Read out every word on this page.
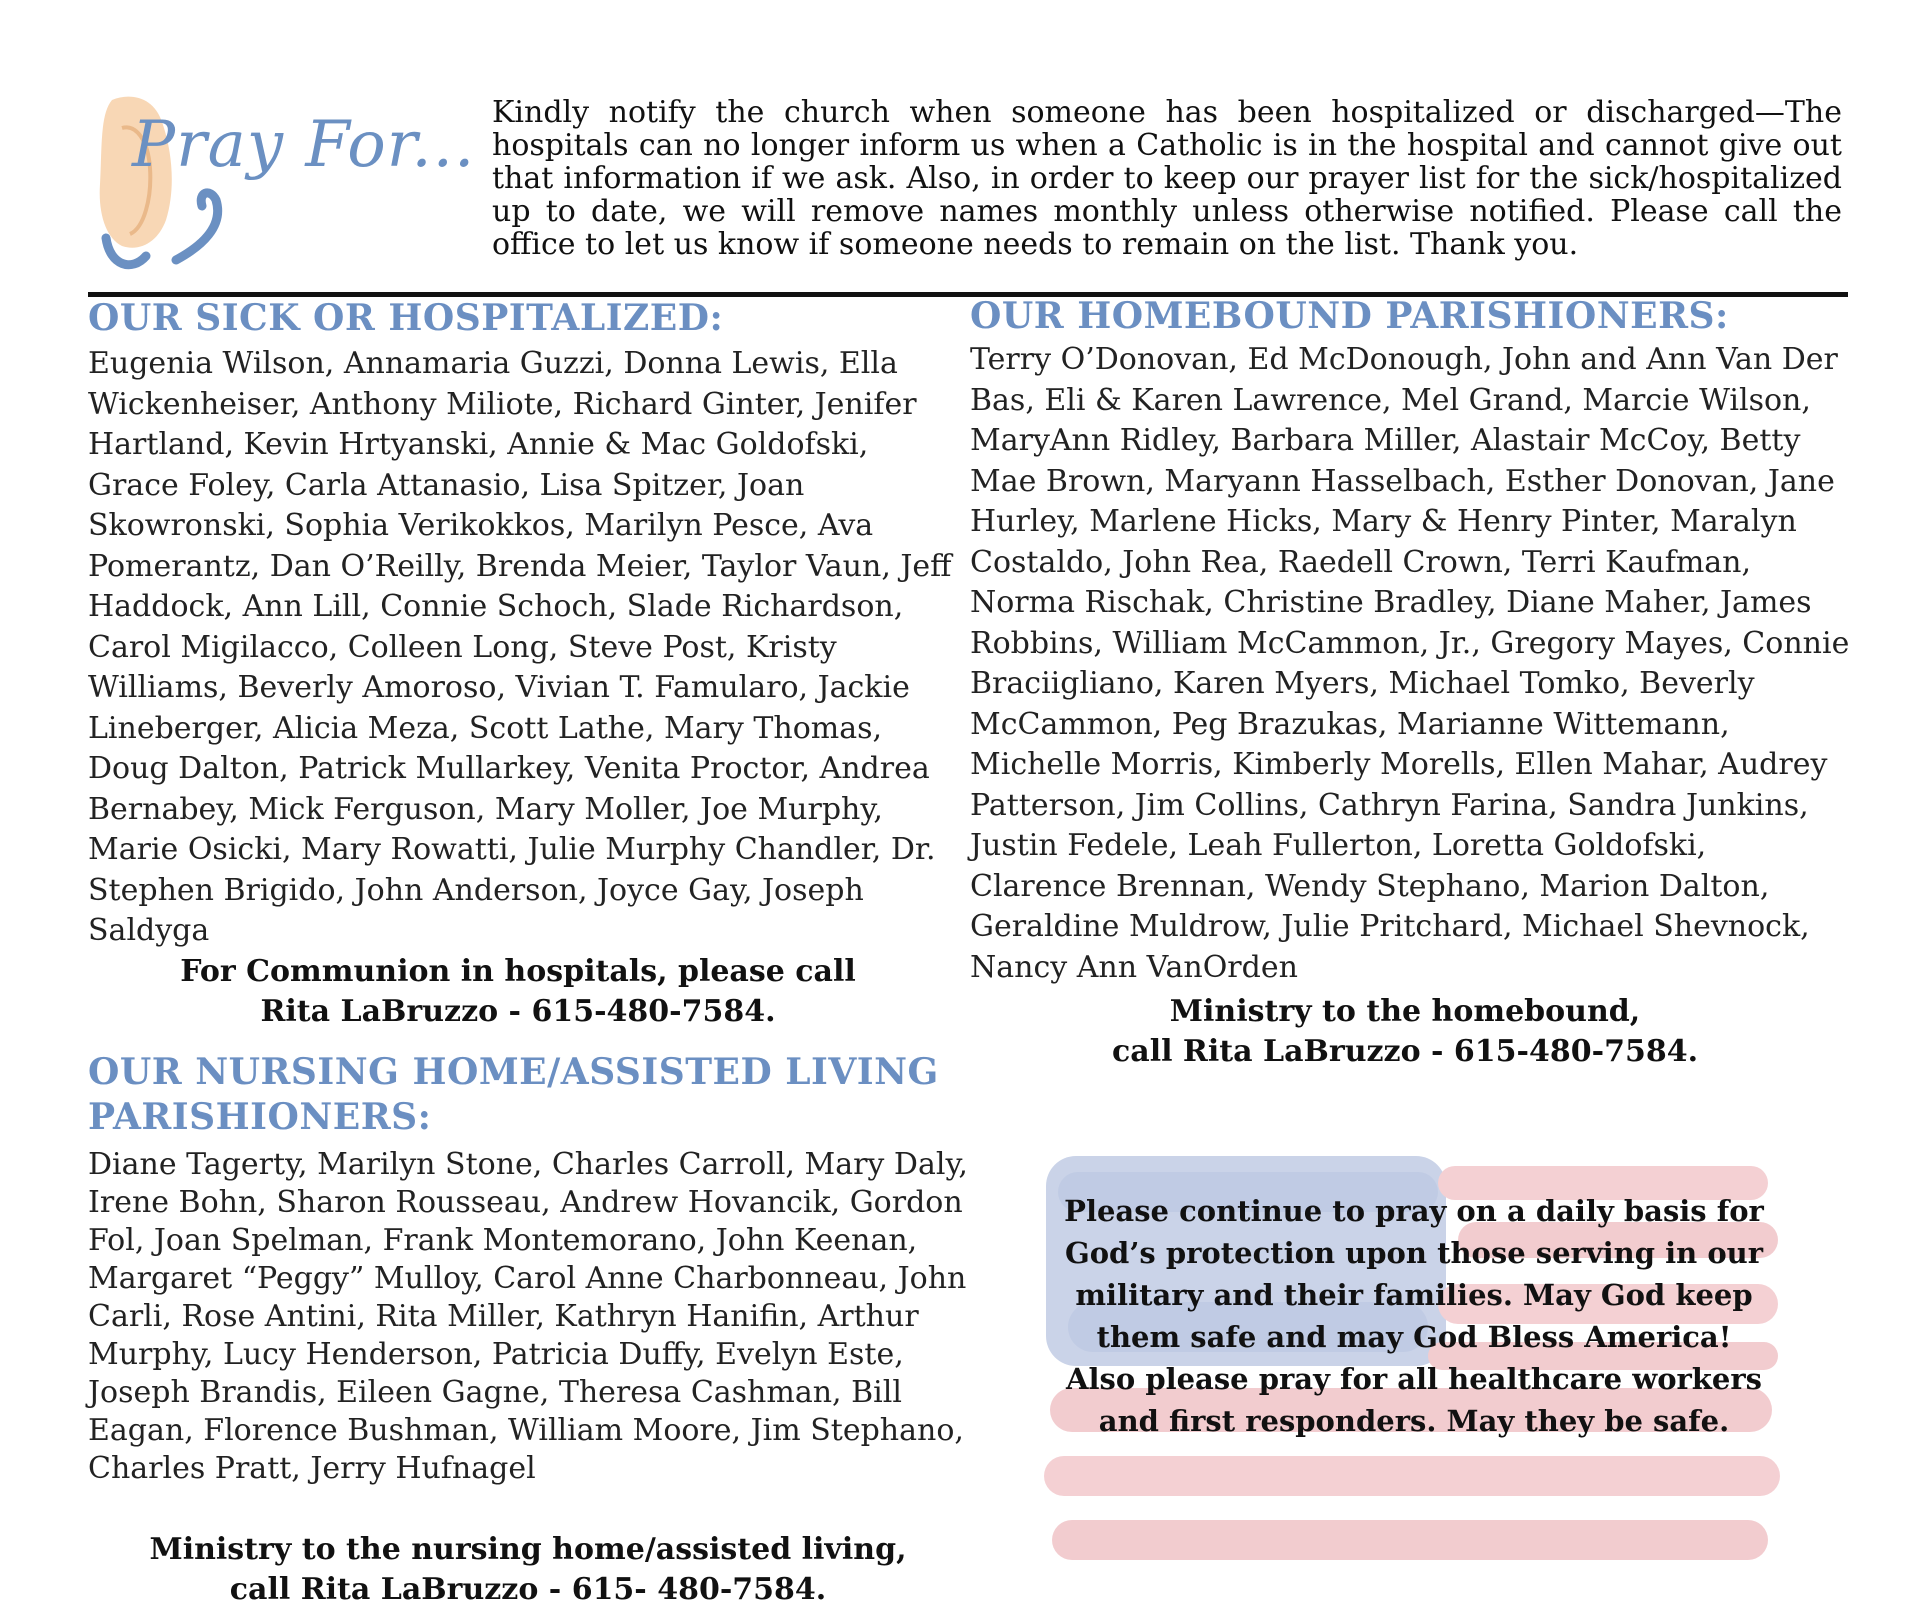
Pray For... Kindly notify the church when someone has been hospitalized or discharged—The hospitals can no longer inform us when a Catholic is in the hospital and cannot give out that information if we ask. Also, in order to keep our prayer list for the sick/hospitalized up to date, we will remove names monthly unless otherwise notified. Please call the office to let us know if someone needs to remain on the list. Thank you.
OUR SICK OR HOSPITALIZED:
Eugenia Wilson, Annamaria Guzzi, Donna Lewis, Ella Wickenheiser, Anthony Miliote, Richard Ginter, Jenifer Hartland, Kevin Hrtyanski, Annie & Mac Goldofski, Grace Foley, Carla Attanasio, Lisa Spitzer, Joan Skowronski, Sophia Verikokkos, Marilyn Pesce, Ava Pomerantz, Dan O’Reilly, Brenda Meier, Taylor Vaun, Jeff Haddock, Ann Lill, Connie Schoch, Slade Richardson, Carol Migilacco, Colleen Long, Steve Post, Kristy Williams, Beverly Amoroso, Vivian T. Famularo, Jackie Lineberger, Alicia Meza, Scott Lathe, Mary Thomas, Doug Dalton, Patrick Mullarkey, Venita Proctor, Andrea Bernabey, Mick Ferguson, Mary Moller, Joe Murphy, Marie Osicki, Mary Rowatti, Julie Murphy Chandler, Dr. Stephen Brigido, John Anderson, Joyce Gay, Joseph Saldyga
For Communion in hospitals, please call
Rita LaBruzzo - 615-480-7584.
OUR HOMEBOUND PARISHIONERS:
Terry O’Donovan, Ed McDonough, John and Ann Van Der Bas, Eli & Karen Lawrence, Mel Grand, Marcie Wilson, MaryAnn Ridley, Barbara Miller, Alastair McCoy, Betty Mae Brown, Maryann Hasselbach, Esther Donovan, Jane Hurley, Marlene Hicks, Mary & Henry Pinter, Maralyn Costaldo, John Rea, Raedell Crown, Terri Kaufman, Norma Rischak, Christine Bradley, Diane Maher, James Robbins, William McCammon, Jr., Gregory Mayes, Connie Braciigliano, Karen Myers, Michael Tomko, Beverly McCammon, Peg Brazukas, Marianne Wittemann, Michelle Morris, Kimberly Morells, Ellen Mahar, Audrey Patterson, Jim Collins, Cathryn Farina, Sandra Junkins, Justin Fedele, Leah Fullerton, Loretta Goldofski, Clarence Brennan, Wendy Stephano, Marion Dalton, Geraldine Muldrow, Julie Pritchard, Michael Shevnock, Nancy Ann VanOrden
Ministry to the homebound,
call Rita LaBruzzo - 615-480-7584.
OUR NURSING HOME/ASSISTED LIVING PARISHIONERS:
Diane Tagerty, Marilyn Stone, Charles Carroll, Mary Daly, Irene Bohn, Sharon Rousseau, Andrew Hovancik, Gordon Fol, Joan Spelman, Frank Montemorano, John Keenan, Margaret “Peggy” Mulloy, Carol Anne Charbonneau, John Carli, Rose Antini, Rita Miller, Kathryn Hanifin, Arthur Murphy, Lucy Henderson, Patricia Duffy, Evelyn Este, Joseph Brandis, Eileen Gagne, Theresa Cashman, Bill Eagan, Florence Bushman, William Moore, Jim Stephano, Charles Pratt, Jerry Hufnagel
Ministry to the nursing home/assisted living,
call Rita LaBruzzo - 615- 480-7584.
Please continue to pray on a daily basis for God’s protection upon those serving in our military and their families. May God keep them safe and may God Bless America!
Also please pray for all healthcare workers and first responders. May they be safe.
